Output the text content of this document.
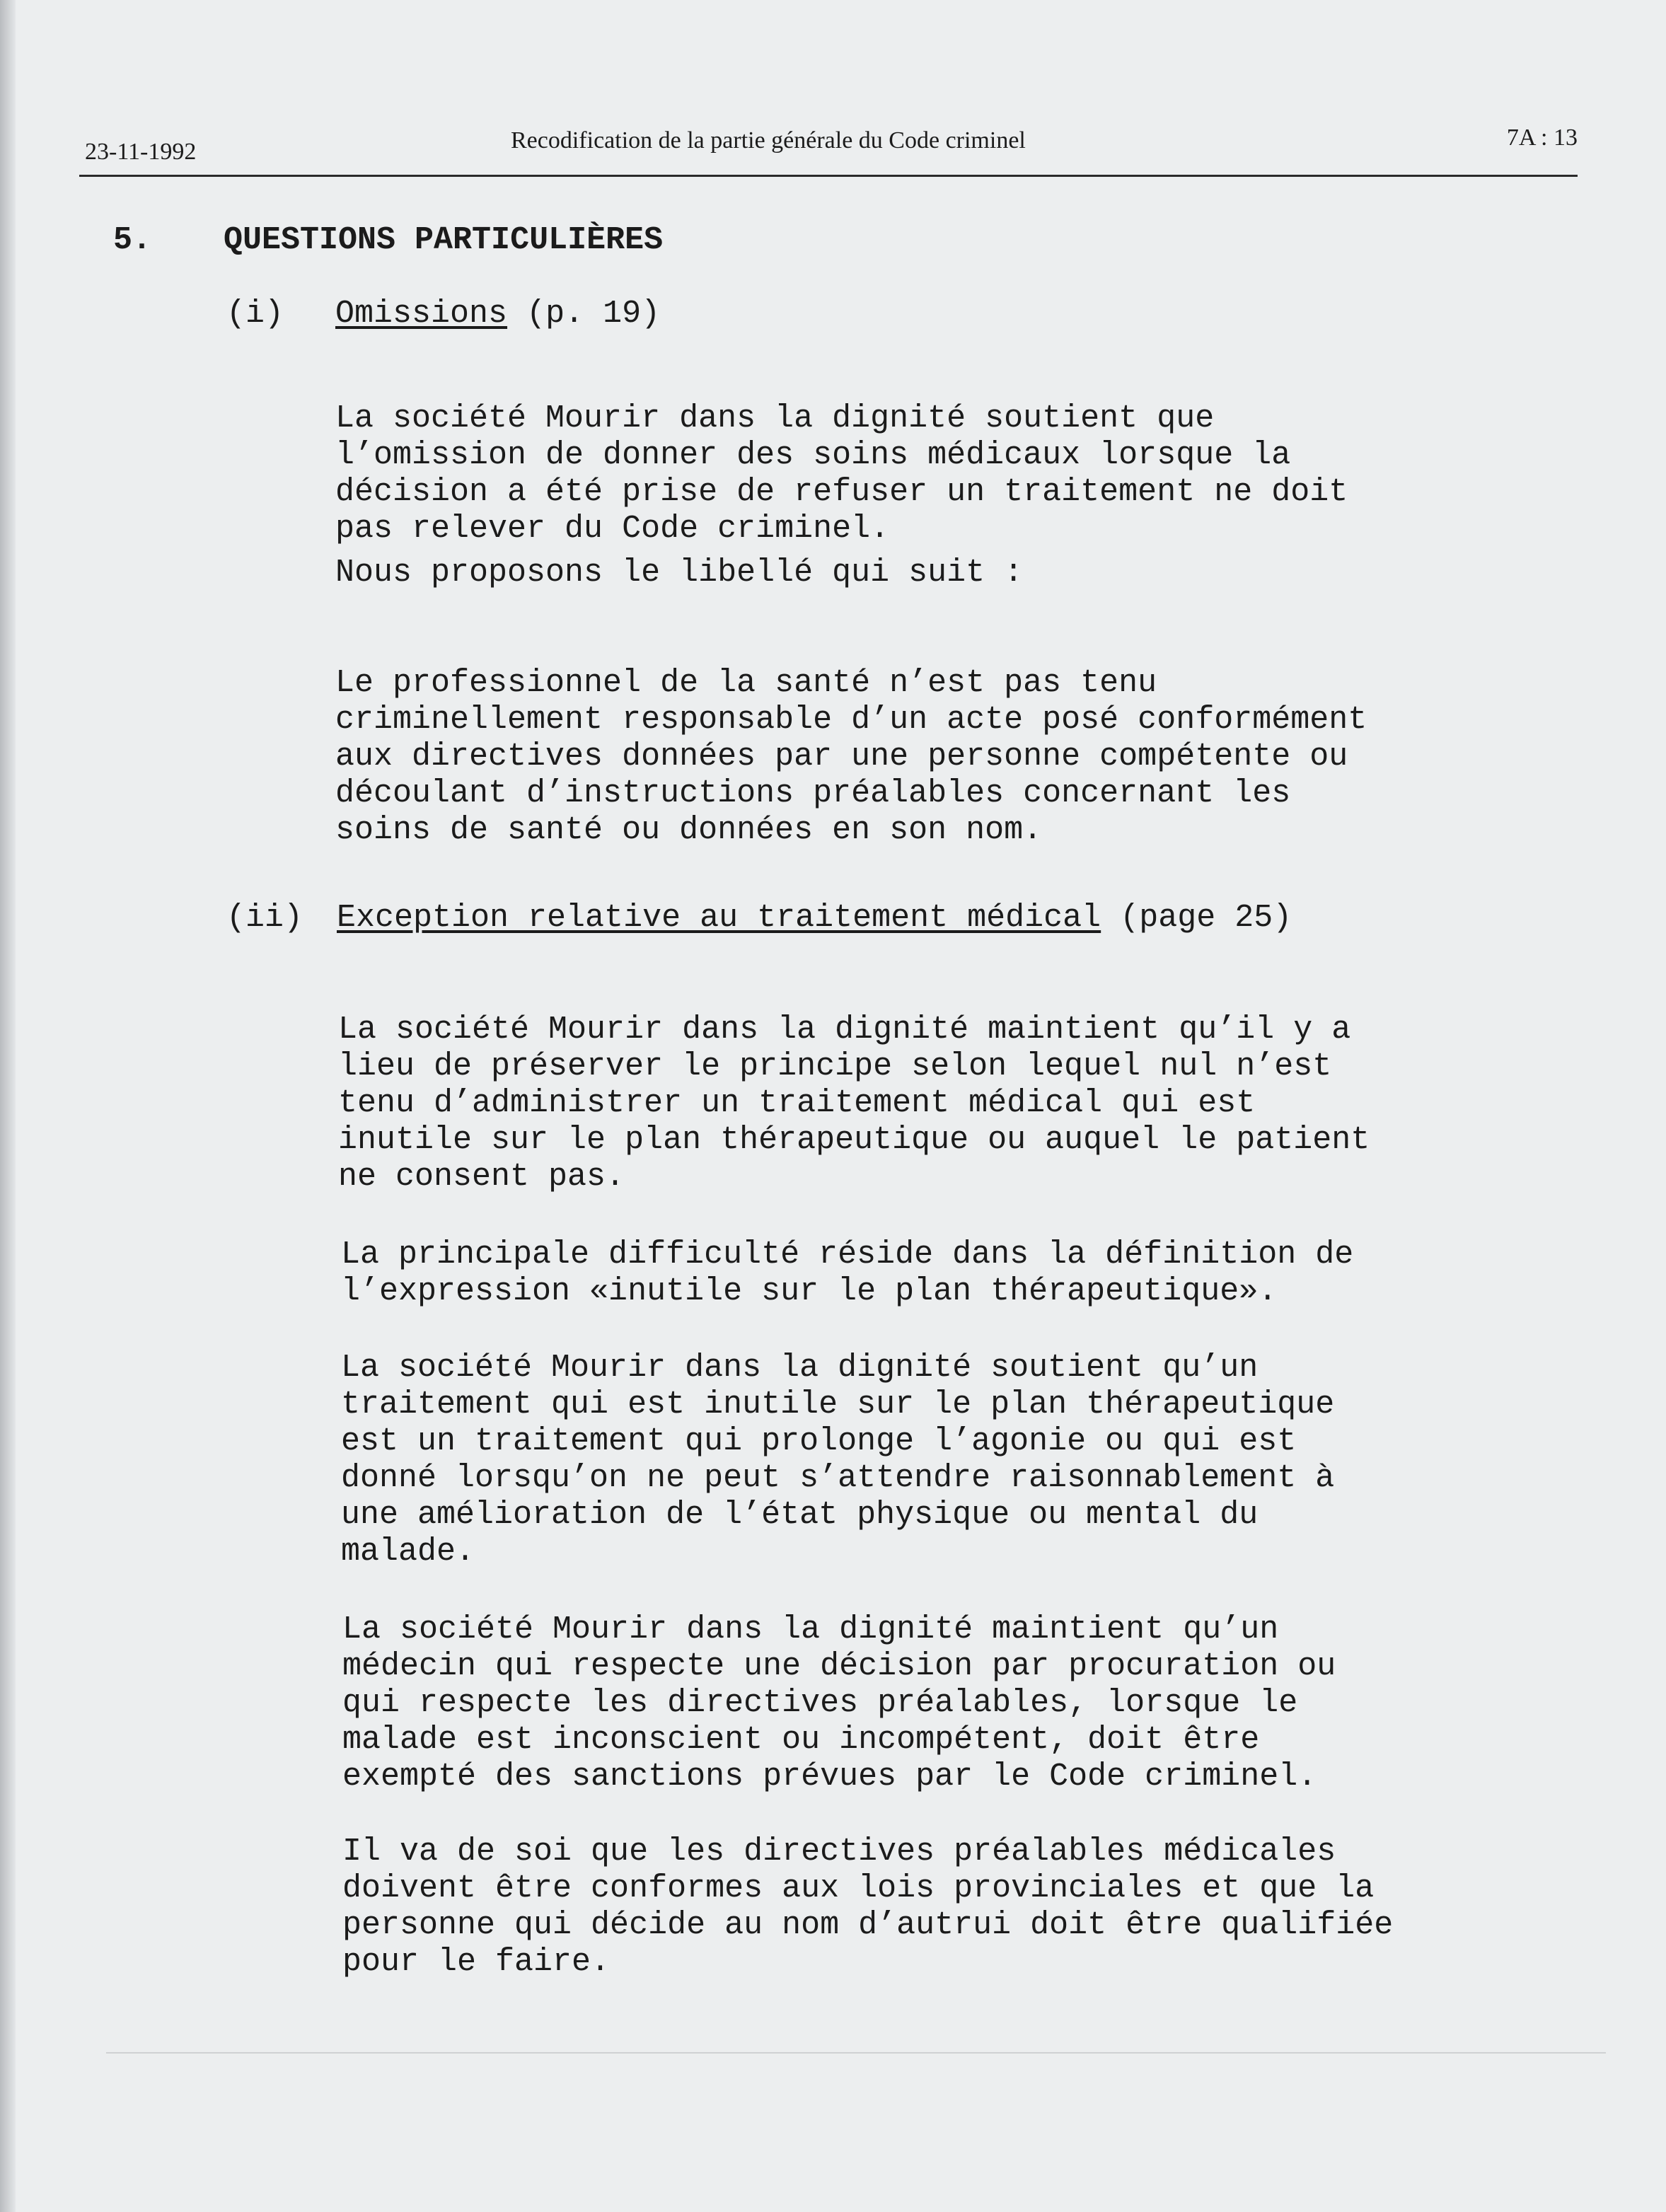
23-11-1992	Recodification de la partie générale du Code criminel	7A : 13
5. QUESTIONS PARTICULIÈRES
(i) Omissions (p. 19)

La société Mourir dans la dignité soutient que
l’omission de donner des soins médicaux lorsque la
décision a été prise de refuser un traitement ne doit
pas relever du Code criminel.

Nous proposons le libellé qui suit :

Le professionnel de la santé n’est pas tenu
criminellement responsable d’un acte posé conformément
aux directives données par une personne compétente ou
découlant d’instructions préalables concernant les
soins de santé ou données en son nom.

(ii) Exception relative au traitement médical (page 25)

La société Mourir dans la dignité maintient qu’il y a
lieu de préserver le principe selon lequel nul n’est
tenu d’administrer un traitement médical qui est
inutile sur le plan thérapeutique ou auquel le patient
ne consent pas.

La principale difficulté réside dans la définition de
l’expression «inutile sur le plan thérapeutique».

La société Mourir dans la dignité soutient qu’un
traitement qui est inutile sur le plan thérapeutique
est un traitement qui prolonge l’agonie ou qui est
donné lorsqu’on ne peut s’attendre raisonnablement à
une amélioration de l’état physique ou mental du
malade.

La société Mourir dans la dignité maintient qu’un
médecin qui respecte une décision par procuration ou
qui respecte les directives préalables, lorsque le
malade est inconscient ou incompétent, doit être
exempté des sanctions prévues par le Code criminel.

Il va de soi que les directives préalables médicales
doivent être conformes aux lois provinciales et que la
personne qui décide au nom d’autrui doit être qualifiée
pour le faire.
